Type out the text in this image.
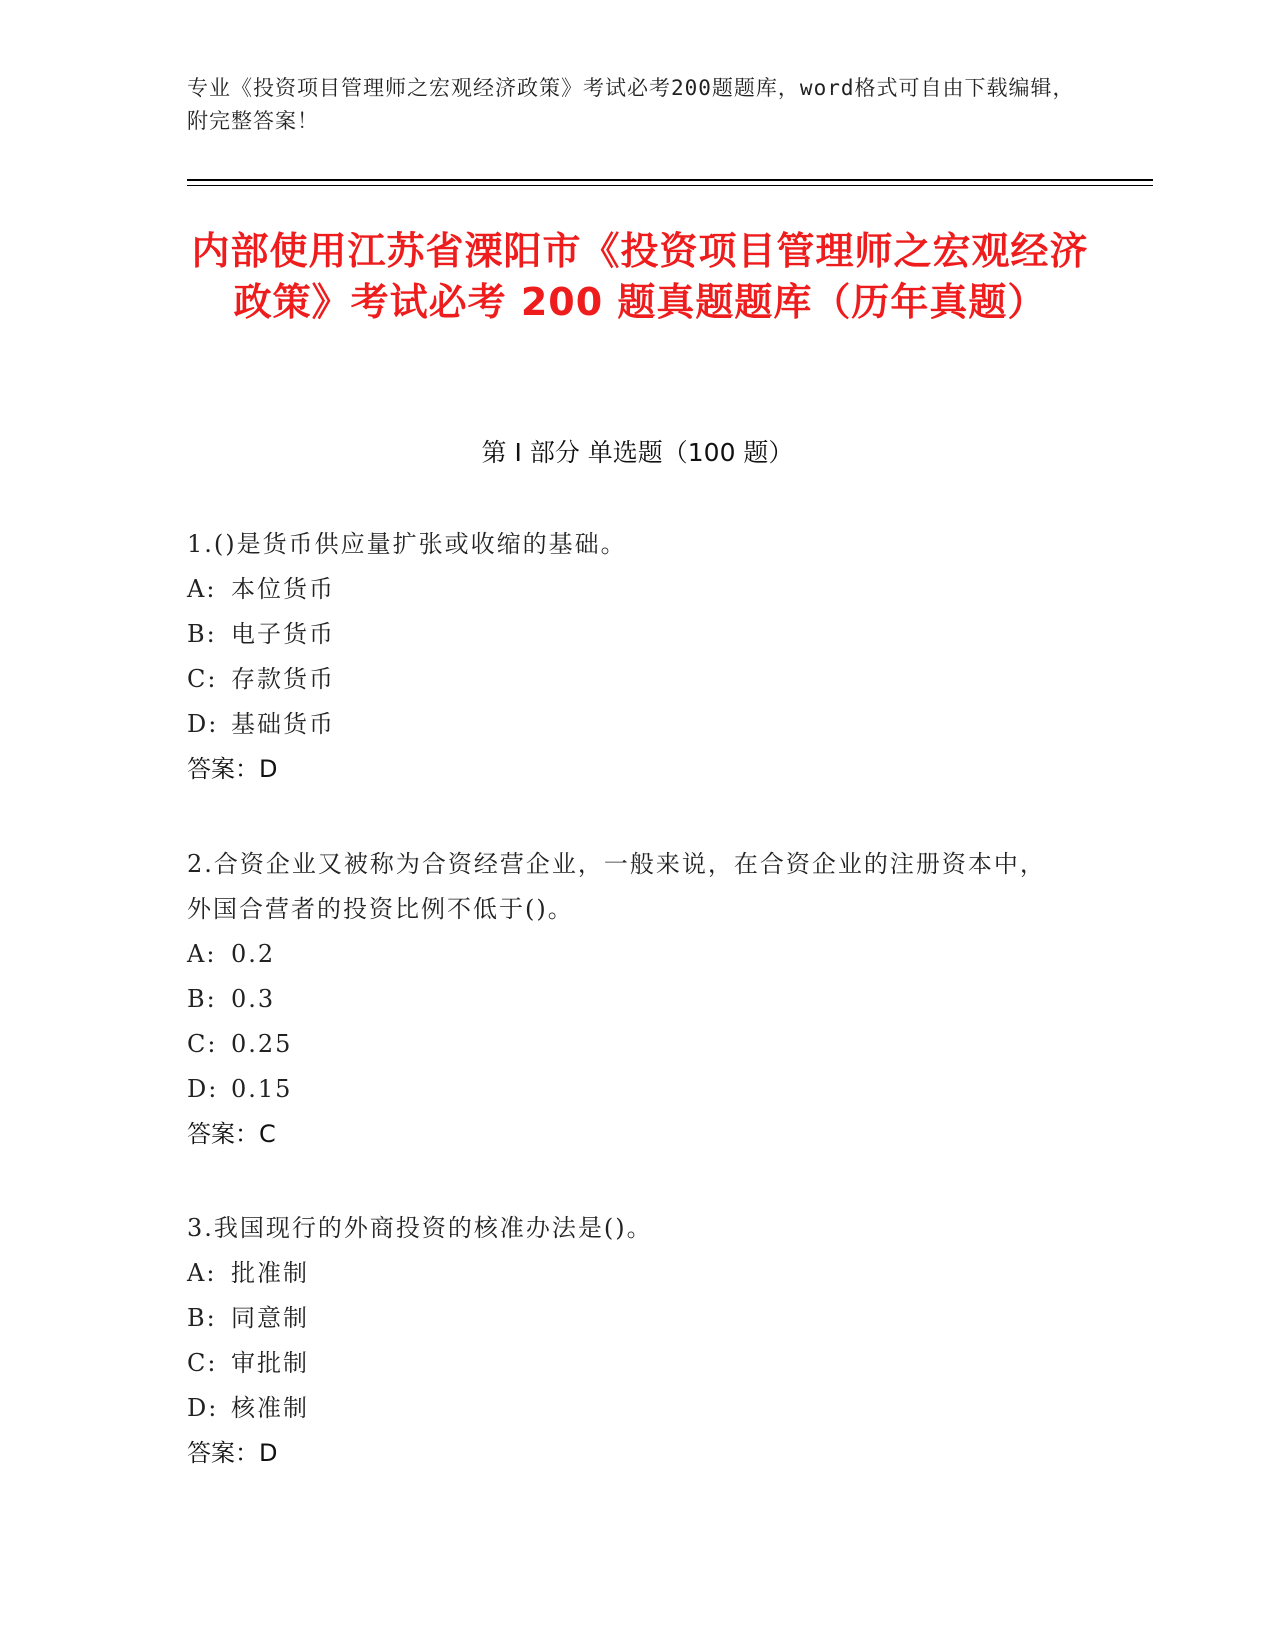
专业《投资项目管理师之宏观经济政策》考试必考200题题库，word格式可自由下载编辑，附完整答案！
内部使用江苏省溧阳市《投资项目管理师之宏观经济政策》考试必考 200 题真题题库（历年真题）
第 I 部分 单选题（100 题）

1.()是货币供应量扩张或收缩的基础。

A: 本位货币

B: 电子货币

C: 存款货币

D: 基础货币

答案：D

2.合资企业又被称为合资经营企业，一般来说，在合资企业的注册资本中，外国合营者的投资比例不低于()。

A: 0.2

B: 0.3

C: 0.25

D: 0.15

答案：C

3.我国现行的外商投资的核准办法是()。

A: 批准制

B: 同意制

C: 审批制

D: 核准制

答案：D
